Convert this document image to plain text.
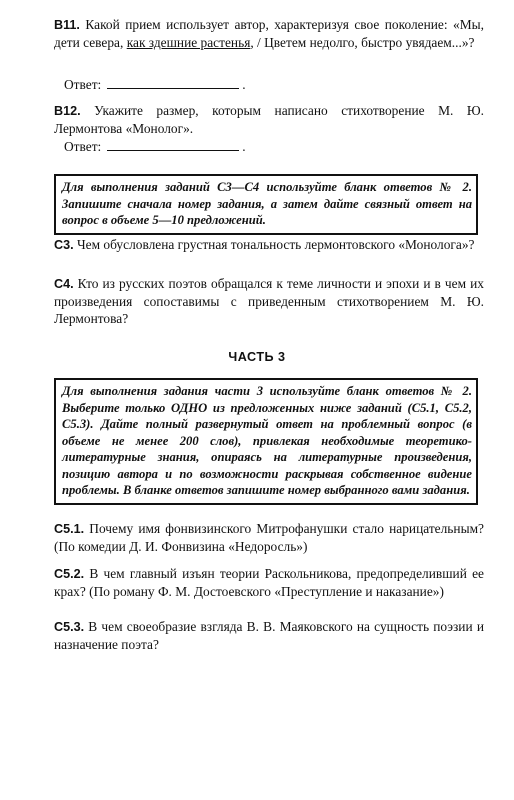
B11. Какой прием использует автор, характеризуя свое поколение: «Мы, дети севера, как здешние растенья, / Цветем недолго, быстро увядаем...»?
Ответ:	.
B12. Укажите размер, которым написано стихотворение М. Ю. Лермонтова «Монолог».
Ответ:	.
Для выполнения заданий С3—С4 используйте бланк ответов № 2. Запишите сначала номер задания, а затем дайте связный ответ на вопрос в объеме 5—10 предложений.
С3. Чем обусловлена грустная тональность лермонтовского «Монолога»?
С4. Кто из русских поэтов обращался к теме личности и эпохи и в чем их произведения сопоставимы с приведенным стихотворением М. Ю. Лермонтова?
ЧАСТЬ 3
Для выполнения задания части 3 используйте бланк ответов № 2. Выберите только ОДНО из предложенных ниже заданий (С5.1, С5.2, С5.3). Дайте полный развернутый ответ на проблемный вопрос (в объеме не менее 200 слов), привлекая необходимые теоретико-литературные знания, опираясь на литературные произведения, позицию автора и по возможности раскрывая собственное видение проблемы. В бланке ответов запишите номер выбранного вами задания.
С5.1. Почему имя фонвизинского Митрофанушки стало нарицательным? (По комедии Д. И. Фонвизина «Недоросль»)
С5.2. В чем главный изъян теории Раскольникова, предопределивший ее крах? (По роману Ф. М. Достоевского «Преступление и наказание»)
С5.3. В чем своеобразие взгляда В. В. Маяковского на сущность поэзии и назначение поэта?
